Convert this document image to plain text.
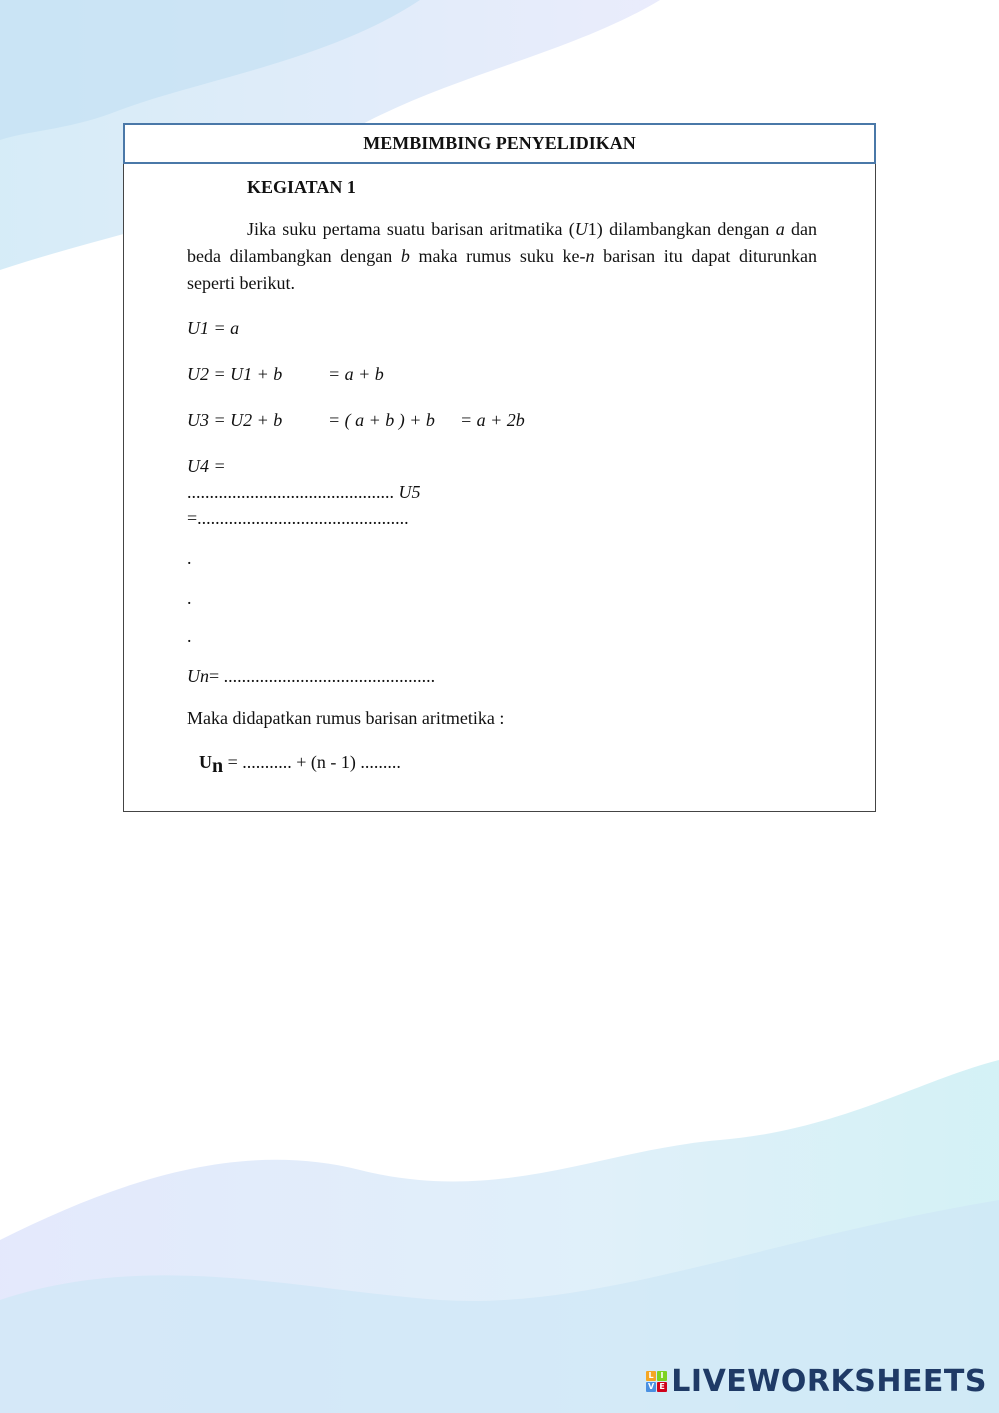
MEMBIMBING PENYELIDIKAN
KEGIATAN 1
Jika suku pertama suatu barisan aritmatika (U1) dilambangkan dengan a dan beda dilambangkan dengan b maka rumus suku ke-n barisan itu dapat diturunkan seperti berikut.
U1 = a
U2 = U1 + b	= a + b
U3 = U2 + b	= ( a + b ) + b = a + 2b
U4 =
.............................................. U5
=...............................................
.
.
.
Un= ...............................................
Maka didapatkan rumus barisan aritmetika :
Un = ........... + (n - 1) .........
L I
V E LIVEWORKSHEETS
